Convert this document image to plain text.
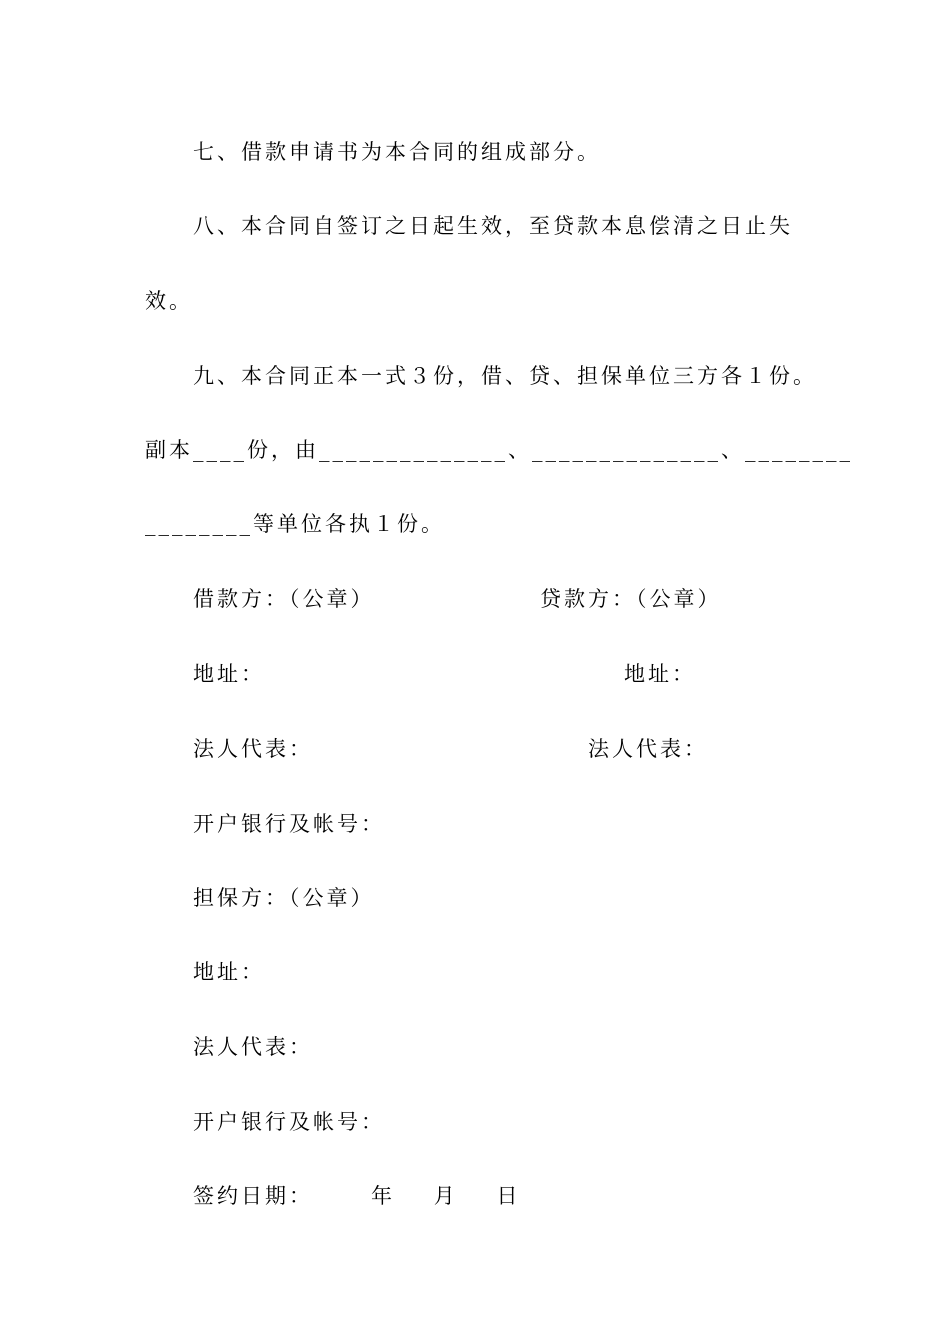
七、借款申请书为本合同的组成部分。
八、本合同自签订之日起生效，至贷款本息偿清之日止失
效。
九、本合同正本一式３份，借、贷、担保单位三方各１份。
副本____份，由______________、______________、________
________等单位各执１份。
借款方：（公章）	贷款方：（公章）
地址：	地址：
法人代表：	法人代表：
开户银行及帐号：
担保方：（公章）
地址：
法人代表：
开户银行及帐号：
签约日期：      年    月    日
